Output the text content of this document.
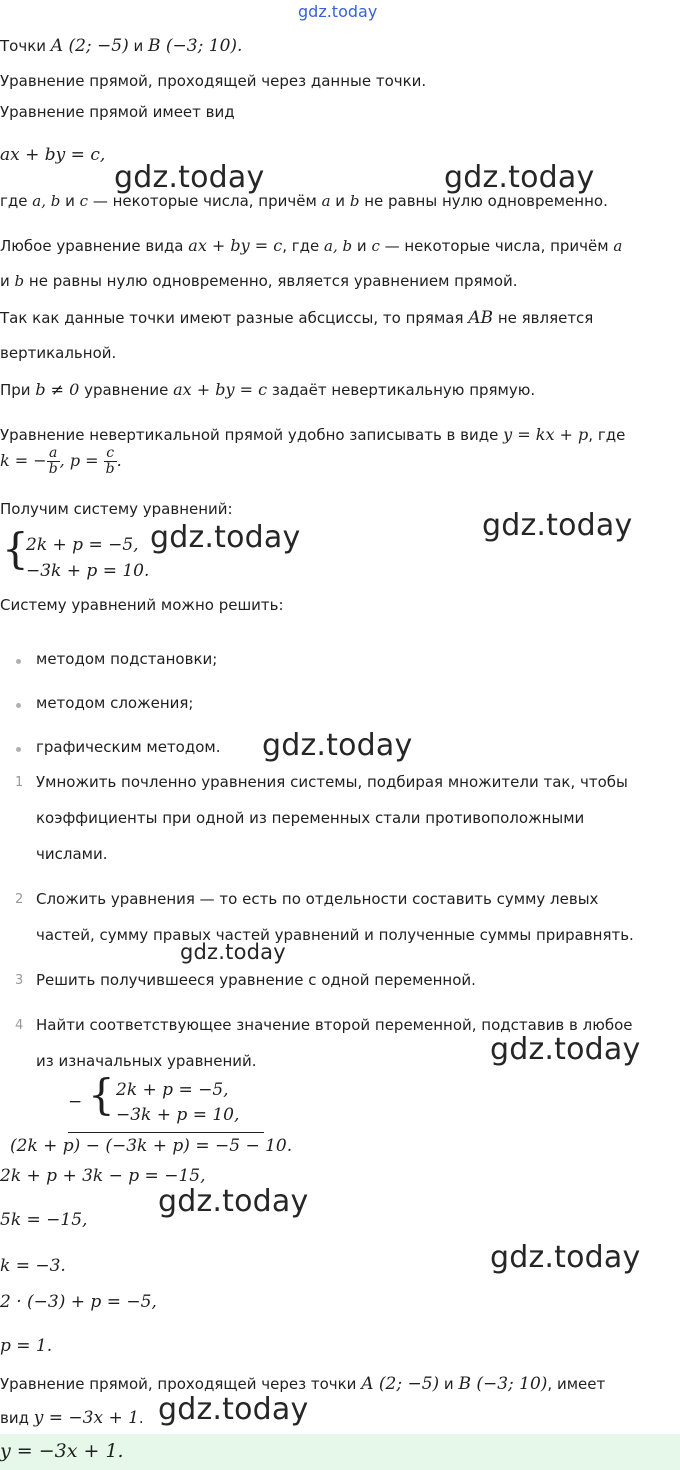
gdz.today
Точки A (2; −5) и B (−3; 10).
Уравнение прямой, проходящей через данные точки.
Уравнение прямой имеет вид
ax + by = c,
где a, b и c — некоторые числа, причём a и b не равны нулю одновременно.
Любое уравнение вида ax + by = c, где a, b и c — некоторые числа, причём a
и b не равны нулю одновременно, является уравнением прямой.
Так как данные точки имеют разные абсциссы, то прямая AB не является
вертикальной.
При b ≠ 0 уравнение ax + by = c задаёт невертикальную прямую.
Уравнение невертикальной прямой удобно записывать в виде y = kx + p, где
k = − $\frac{a}{b}$ , $p = \frac{c}{b}$ .
Получим систему уравнений:
{
2k + p = −5,
−3k + p = 10.
Систему уравнений можно решить:
методом подстановки;
методом сложения;
графическим методом.
1 Умножить почленно уравнения системы, подбирая множители так, чтобы
коэффициенты при одной из переменных стали противоположными
числами.
2 Сложить уравнения — то есть по отдельности составить сумму левых
частей, сумму правых частей уравнений и полученные суммы приравнять.
3 Решить получившееся уравнение с одной переменной.
4 Найти соответствующее значение второй переменной, подставив в любое
из изначальных уравнений.
− { 2k + p = −5,
−3k + p = 10,
(2k + p) − (−3k + p) = −5 − 10.
2k + p + 3k − p = −15,
5k = −15,
k = −3.
2 · (−3) + p = −5,
p = 1.
Уравнение прямой, проходящей через точки A (2; −5) и B (−3; 10), имеет
вид y = −3x + 1.
y = −3x + 1.
gdz.today	gdz.today
gdz.today
gdz.today
gdz.today
gdz.today
gdz.today
gdz.today
gdz.today
gdz.today
